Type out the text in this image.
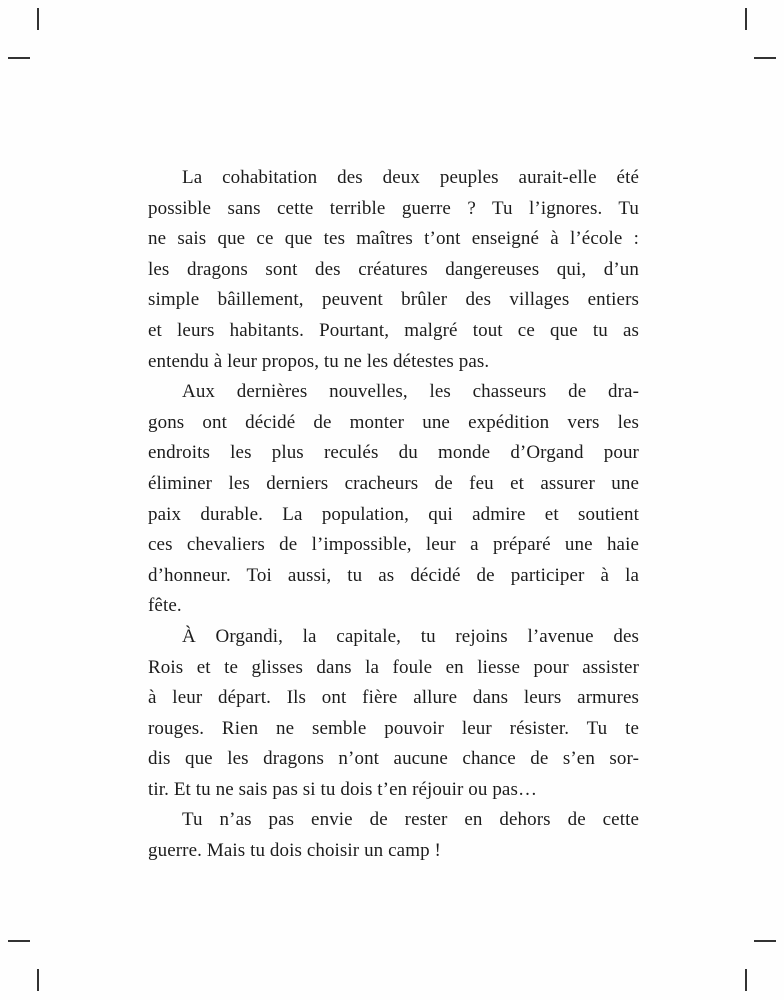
La cohabitation des deux peuples aurait-elle été
possible sans cette terrible guerre ? Tu l’ignores. Tu
ne sais que ce que tes maîtres t’ont enseigné à l’école :
les dragons sont des créatures dangereuses qui, d’un
simple bâillement, peuvent brûler des villages entiers
et leurs habitants. Pourtant, malgré tout ce que tu as
entendu à leur propos, tu ne les détestes pas.
Aux dernières nouvelles, les chasseurs de dra-
gons ont décidé de monter une expédition vers les
endroits les plus reculés du monde d’Organd pour
éliminer les derniers cracheurs de feu et assurer une
paix durable. La population, qui admire et soutient
ces chevaliers de l’impossible, leur a préparé une haie
d’honneur. Toi aussi, tu as décidé de participer à la
fête.
À Organdi, la capitale, tu rejoins l’avenue des
Rois et te glisses dans la foule en liesse pour assister
à leur départ. Ils ont fière allure dans leurs armures
rouges. Rien ne semble pouvoir leur résister. Tu te
dis que les dragons n’ont aucune chance de s’en sor-
tir. Et tu ne sais pas si tu dois t’en réjouir ou pas…
Tu n’as pas envie de rester en dehors de cette
guerre. Mais tu dois choisir un camp !
